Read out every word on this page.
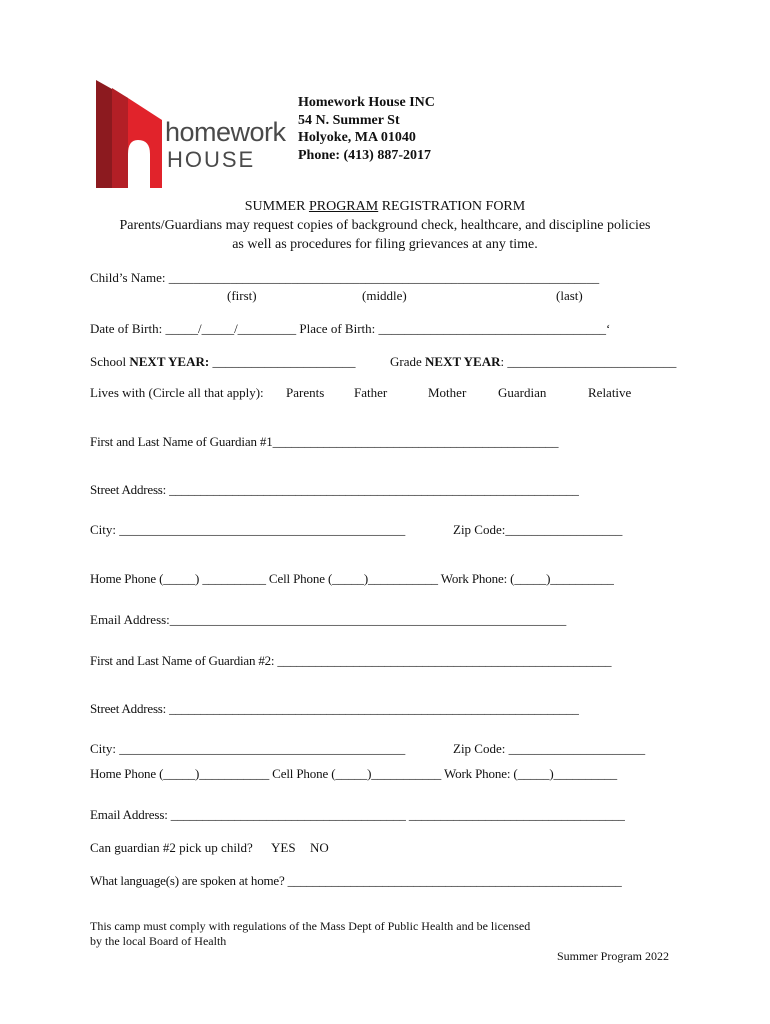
homework
HOUSE
Homework House INC
54 N. Summer St
Holyoke, MA 01040
Phone: (413) 887-2017
SUMMER PROGRAM REGISTRATION FORM
Parents/Guardians may request copies of background check, healthcare, and discipline policies
as well as procedures for filing grievances at any time.
Child’s Name: ______________________________________________________________________
(first)	(middle)	(last)
Date of Birth: _____/_____/_________ Place of Birth: ___________________________________‘
School NEXT YEAR: ______________________	Grade NEXT YEAR: __________________________
Lives with (Circle all that apply): Parents Father	Mother Guardian	Relative
First and Last Name of Guardian #1_____________________________________________
Street Address: _________________________________________________________________
City: ____________________________________________	Zip Code:__________________
Home Phone (_____) __________ Cell Phone (_____)___________ Work Phone: (_____)__________
Email Address:_____________________________________________________________
First and Last Name of Guardian #2: _____________________________________________________
Street Address: _________________________________________________________________
City: ____________________________________________	Zip Code: _____________________
Home Phone (_____)___________ Cell Phone (_____)___________ Work Phone: (_____)__________
Email Address: _____________________________________ __________________________________
Can guardian #2 pick up child? YES NO
What language(s) are spoken at home? _____________________________________________________
This camp must comply with regulations of the Mass Dept of Public Health and be licensed
by the local Board of Health
Summer Program 2022
